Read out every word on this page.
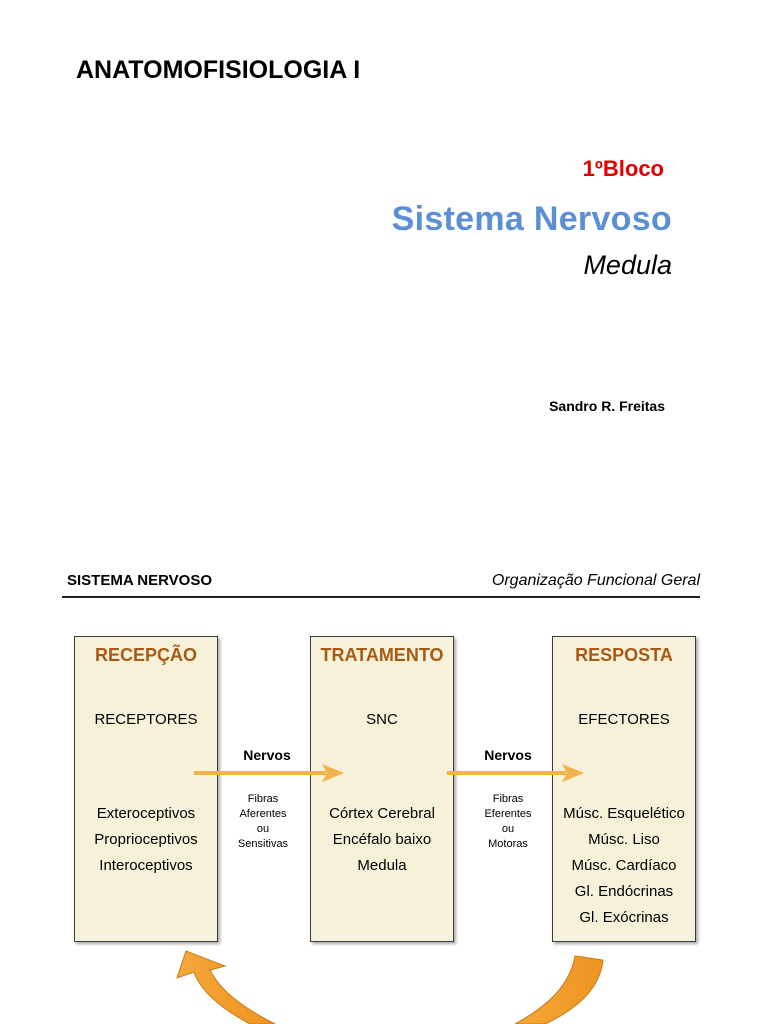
ANATOMOFISIOLOGIA I
1ºBloco
Sistema Nervoso
Medula
Sandro R. Freitas
SISTEMA NERVOSO	Organização Funcional Geral
RECEPÇÃO
RECEPTORES
Exteroceptivos
Proprioceptivos
Interoceptivos
TRATAMENTO
SNC
Córtex Cerebral
Encéfalo baixo
Medula
RESPOSTA
EFECTORES
Músc. Esquelético
Músc. Liso
Músc. Cardíaco
Gl. Endócrinas
Gl. Exócrinas
Nervos
Fibras
Aferentes
ou
Sensitivas
Nervos
Fibras
Eferentes
ou
Motoras
